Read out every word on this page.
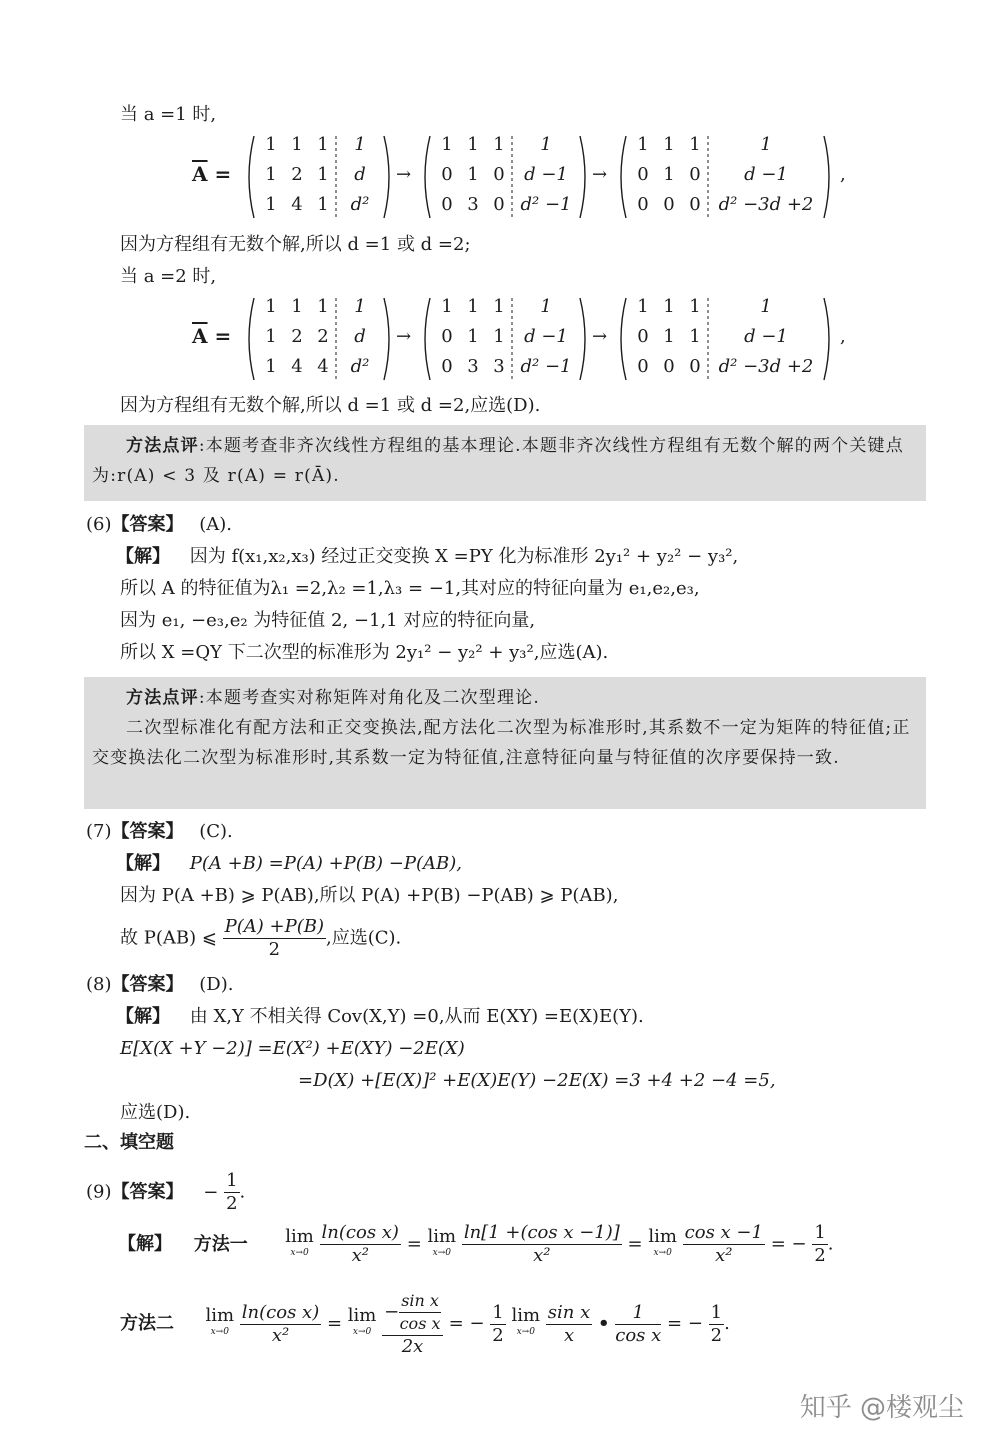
当 a =1 时,
$\overline{A}$ =
1 1 1	1
1 2 1	d
1 4 1	d²
→
1 1 1	1
0 1 0	d −1
0 3 0 d² −1
→
1 1 1	1
0 1 0	d −1
0 0 0 d² −3d +2
,
因为方程组有无数个解,所以 d =1 或 d =2;
当 a =2 时,
$\overline{A}$ =
1 1 1	1
1 2 2	d
1 4 4	d²
→
1 1 1	1
0 1 1	d −1
0 3 3 d² −1
→
1 1 1	1
0 1 1	d −1
0 0 0 d² −3d +2
,
因为方程组有无数个解,所以 d =1 或 d =2,应选(D).

方法点评:本题考查非齐次线性方程组的基本理论.本题非齐次线性方程组有无数个解的两个关键点为:r(A) < 3 及 r(A) = r(Ā).

(6)【答案】 (A).
【解】 因为 f(x₁,x₂,x₃) 经过正交变换 X =PY 化为标准形 2y₁² + y₂² − y₃²,
所以 A 的特征值为λ₁ =2,λ₂ =1,λ₃ = −1,其对应的特征向量为 e₁,e₂,e₃,
因为 e₁, −e₃,e₂ 为特征值 2, −1,1 对应的特征向量,
所以 X =QY 下二次型的标准形为 2y₁² − y₂² + y₃²,应选(A).

方法点评:本题考查实对称矩阵对角化及二次型理论.

二次型标准化有配方法和正交变换法,配方法化二次型为标准形时,其系数不一定为矩阵的特征值;正交变换法化二次型为标准形时,其系数一定为特征值,注意特征向量与特征值的次序要保持一致.

(7)【答案】 (C).
【解】 P(A +B) =P(A) +P(B) −P(AB),
因为 P(A +B) ⩾ P(AB),所以 P(A) +P(B) −P(AB) ⩾ P(AB),
故 P(AB) ⩽ $\frac{P(A) +P(B)}{2}$ ,应选(C).
(8)【答案】 (D).
【解】 由 X,Y 不相关得 Cov(X,Y) =0,从而 E(XY) =E(X)E(Y).
E[X(X +Y −2)] =E(X²) +E(XY) −2E(X)
=D(X) +[E(X)]² +E(X)E(Y) −2E(X) =3 +4 +2 −4 =5,
应选(D).
二、填空题
(9)【答案】 − $\frac{1}{2}$ .
【解】 方法一 lim
x→0
$\frac{\text{ln(cos x)}}{\text{x²}} = \lim$
x→0
$\frac{\text{ln[1 +(cos x −1)]}}{\text{x²}} = \lim$
x→0
$\frac{\text{cos x −1}}{\text{x²}}$ = − $\frac{1}{2}$ .
方法二 lim
x→0
$\frac{\text{ln(cos x)}}{\text{x²}} = \lim$
x→0
$\frac{- \frac{\text{sin x}}{\text{cos x}}}{2x}$ = − $\frac{1}{2}$ lim
x→0
$\frac{\text{sin x}}{x}$ • $\frac{1}{\text{cos x}}$ = − $\frac{1}{2}$ .
知乎 @楼观尘
